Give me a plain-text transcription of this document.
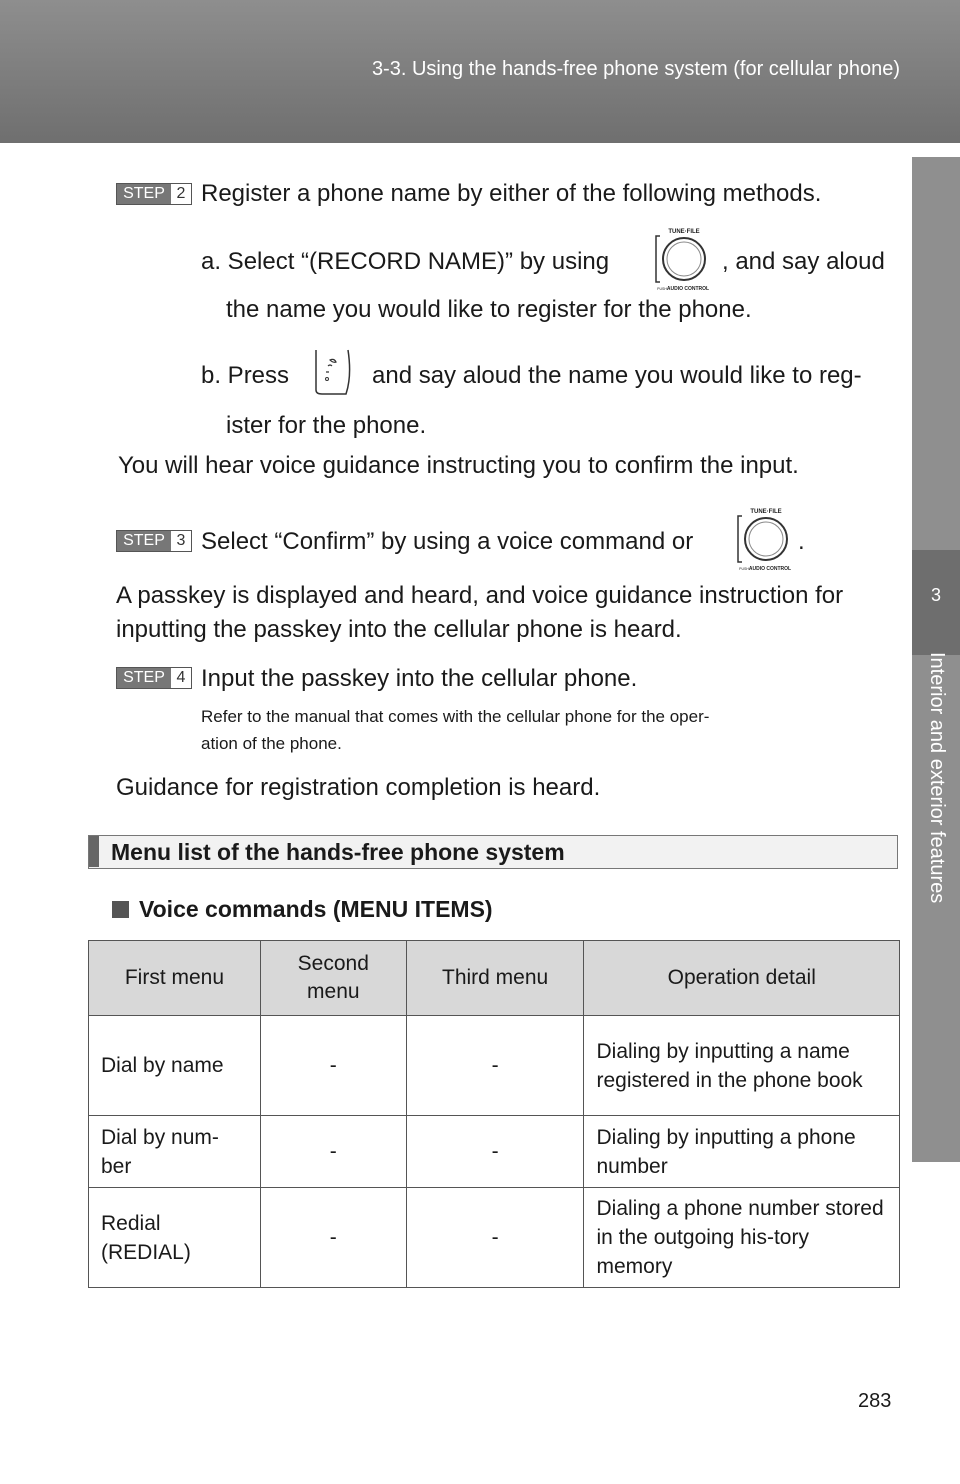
3-3. Using the hands-free phone system (for cellular phone)
3
Interior and exterior features
STEP 2 Register a phone name by either of the following methods.
a. Select “(RECORD NAME)” by using
TUNE·FILE
AUDIO CONTROL
PUSH
, and say aloud
the name you would like to register for the phone.
b. Press	and say aloud the name you would like to reg-
ister for the phone.
You will hear voice guidance instructing you to confirm the input.
STEP 3 Select “Confirm” by using a voice command or
TUNE·FILE
AUDIO CONTROL
PUSH
.
A passkey is displayed and heard, and voice guidance instruction for
inputting the passkey into the cellular phone is heard.
STEP 4 Input the passkey into the cellular phone.
Refer to the manual that comes with the cellular phone for the oper-
ation of the phone.
Guidance for registration completion is heard.
Menu list of the hands-free phone system
Voice commands (MENU ITEMS)
First menu	Second menu	Third menu	Operation detail
Dial by name	-	-	Dialing by inputting a name registered in the phone book
Dial by num-ber	-	-	Dialing by inputting a phone number
Redial (REDIAL)	-	-	Dialing a phone number stored in the outgoing his-tory memory
283
